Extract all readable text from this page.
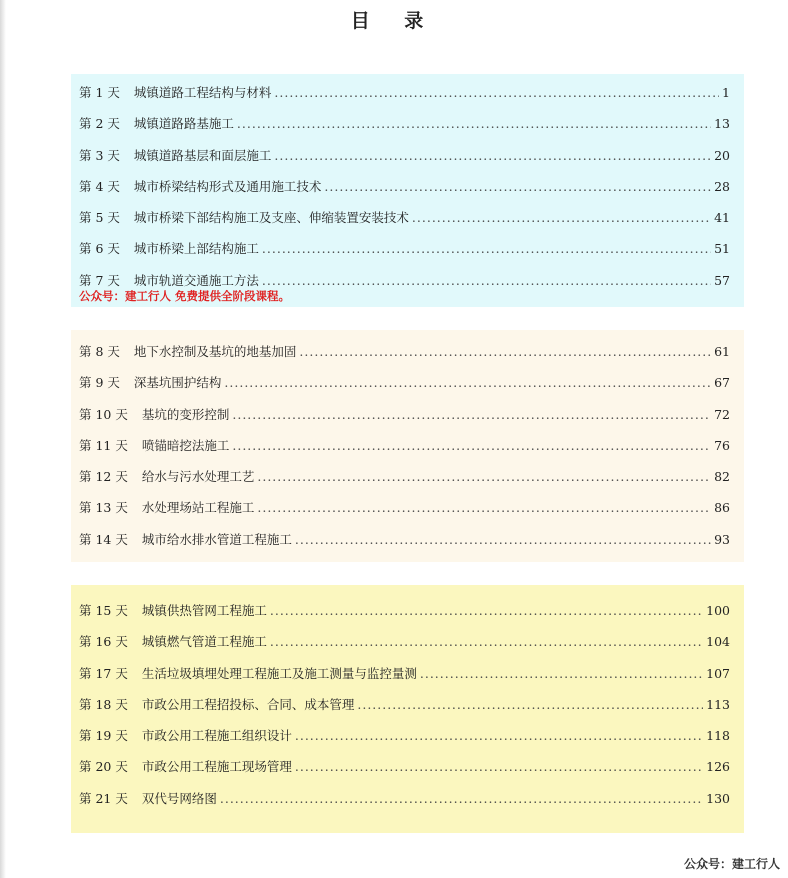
目 录
第 1 天 城镇道路工程结构与材料 .....	1
第 2 天 城镇道路路基施工 .....	13
第 3 天 城镇道路基层和面层施工 .....	20
第 4 天 城市桥梁结构形式及通用施工技术 .....	28
第 5 天 城市桥梁下部结构施工及支座、伸缩装置安装技术 .....	41
第 6 天 城市桥梁上部结构施工 .....	51
第 7 天 城市轨道交通施工方法 .....	57
公众号：建工行人 免费提供全阶段课程。
第 8 天 地下水控制及基坑的地基加固 .....	61
第 9 天 深基坑围护结构 .....	67
第 10 天 基坑的变形控制 .....	72
第 11 天 喷锚暗挖法施工 .....	76
第 12 天 给水与污水处理工艺 .....	82
第 13 天 水处理场站工程施工 .....	86
第 14 天 城市给水排水管道工程施工 .....	93
第 15 天 城镇供热管网工程施工 .....	100
第 16 天 城镇燃气管道工程施工 .....	104
第 17 天 生活垃圾填埋处理工程施工及施工测量与监控量测 .....	107
第 18 天 市政公用工程招投标、合同、成本管理 .....	113
第 19 天 市政公用工程施工组织设计 .....	118
第 20 天 市政公用工程施工现场管理 .....	126
第 21 天 双代号网络图 .....	130
公众号：建工行人
